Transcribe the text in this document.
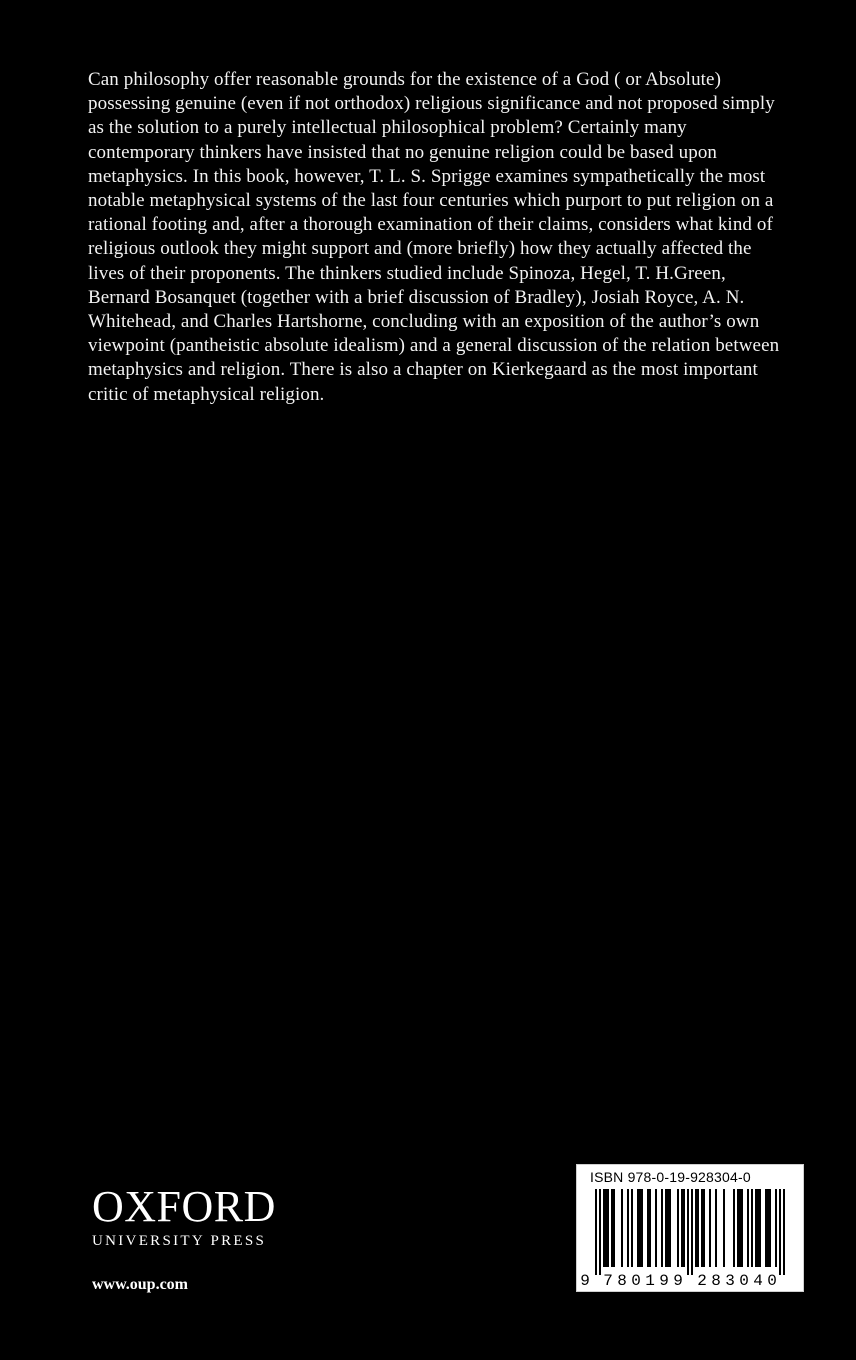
Can philosophy offer reasonable grounds for the existence of a God ( or Absolute) possessing genuine (even if not orthodox) religious significance and not proposed simply as the solution to a purely intellectual philosophical problem? Certainly many contemporary thinkers have insisted that no genuine religion could be based upon metaphysics. In this book, however, T. L. S. Sprigge examines sympathetically the most notable metaphysical systems of the last four centuries which purport to put religion on a rational footing and, after a thorough examination of their claims, considers what kind of religious outlook they might support and (more briefly) how they actually affected the lives of their proponents. The thinkers studied include Spinoza, Hegel, T. H.Green, Bernard Bosanquet (together with a brief discussion of Bradley), Josiah Royce, A. N. Whitehead, and Charles Hartshorne, concluding with an exposition of the author’s own viewpoint (pantheistic absolute idealism) and a general discussion of the relation between metaphysics and religion. There is also a chapter on Kierkegaard as the most important critic of metaphysical religion.

OXFORD
UNIVERSITY PRESS
www.oup.com
ISBN 978-0-19-928304-0
9 7 8 0 1 9 9 2 8 3 0 4 0
